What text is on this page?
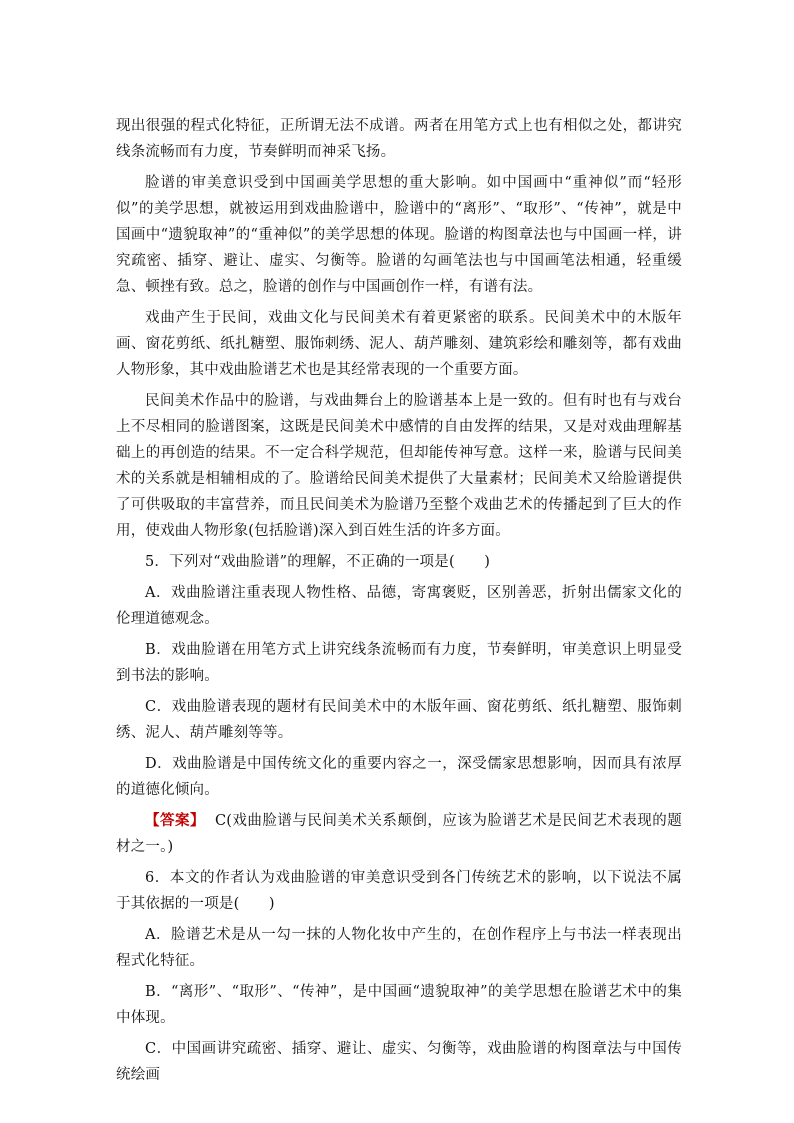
现出很强的程式化特征，正所谓无法不成谱。两者在用笔方式上也有相似之处，都讲究线条流畅而有力度，节奏鲜明而神采飞扬。

脸谱的审美意识受到中国画美学思想的重大影响。如中国画中“重神似”而“轻形似”的美学思想，就被运用到戏曲脸谱中，脸谱中的“离形”、“取形”、“传神”，就是中国画中“遗貌取神”的“重神似”的美学思想的体现。脸谱的构图章法也与中国画一样，讲究疏密、插穿、避让、虚实、匀衡等。脸谱的勾画笔法也与中国画笔法相通，轻重缓急、顿挫有致。总之，脸谱的创作与中国画创作一样，有谱有法。

戏曲产生于民间，戏曲文化与民间美术有着更紧密的联系。民间美术中的木版年画、窗花剪纸、纸扎糖塑、服饰刺绣、泥人、葫芦雕刻、建筑彩绘和雕刻等，都有戏曲人物形象，其中戏曲脸谱艺术也是其经常表现的一个重要方面。

民间美术作品中的脸谱，与戏曲舞台上的脸谱基本上是一致的。但有时也有与戏台上不尽相同的脸谱图案，这既是民间美术中感情的自由发挥的结果，又是对戏曲理解基础上的再创造的结果。不一定合科学规范，但却能传神写意。这样一来，脸谱与民间美术的关系就是相辅相成的了。脸谱给民间美术提供了大量素材；民间美术又给脸谱提供了可供吸取的丰富营养，而且民间美术为脸谱乃至整个戏曲艺术的传播起到了巨大的作用，使戏曲人物形象(包括脸谱)深入到百姓生活的许多方面。

5．下列对“戏曲脸谱”的理解，不正确的一项是(　　)

A．戏曲脸谱注重表现人物性格、品德，寄寓褒贬，区别善恶，折射出儒家文化的伦理道德观念。

B．戏曲脸谱在用笔方式上讲究线条流畅而有力度，节奏鲜明，审美意识上明显受到书法的影响。

C．戏曲脸谱表现的题材有民间美术中的木版年画、窗花剪纸、纸扎糖塑、服饰刺绣、泥人、葫芦雕刻等等。

D．戏曲脸谱是中国传统文化的重要内容之一，深受儒家思想影响，因而具有浓厚的道德化倾向。

【答案】 C(戏曲脸谱与民间美术关系颠倒，应该为脸谱艺术是民间艺术表现的题材之一。)

6．本文的作者认为戏曲脸谱的审美意识受到各门传统艺术的影响，以下说法不属于其依据的一项是(　　)

A．脸谱艺术是从一勾一抹的人物化妆中产生的，在创作程序上与书法一样表现出程式化特征。

B．“离形”、“取形”、“传神”，是中国画“遗貌取神”的美学思想在脸谱艺术中的集中体现。

C．中国画讲究疏密、插穿、避让、虚实、匀衡等，戏曲脸谱的构图章法与中国传统绘画
